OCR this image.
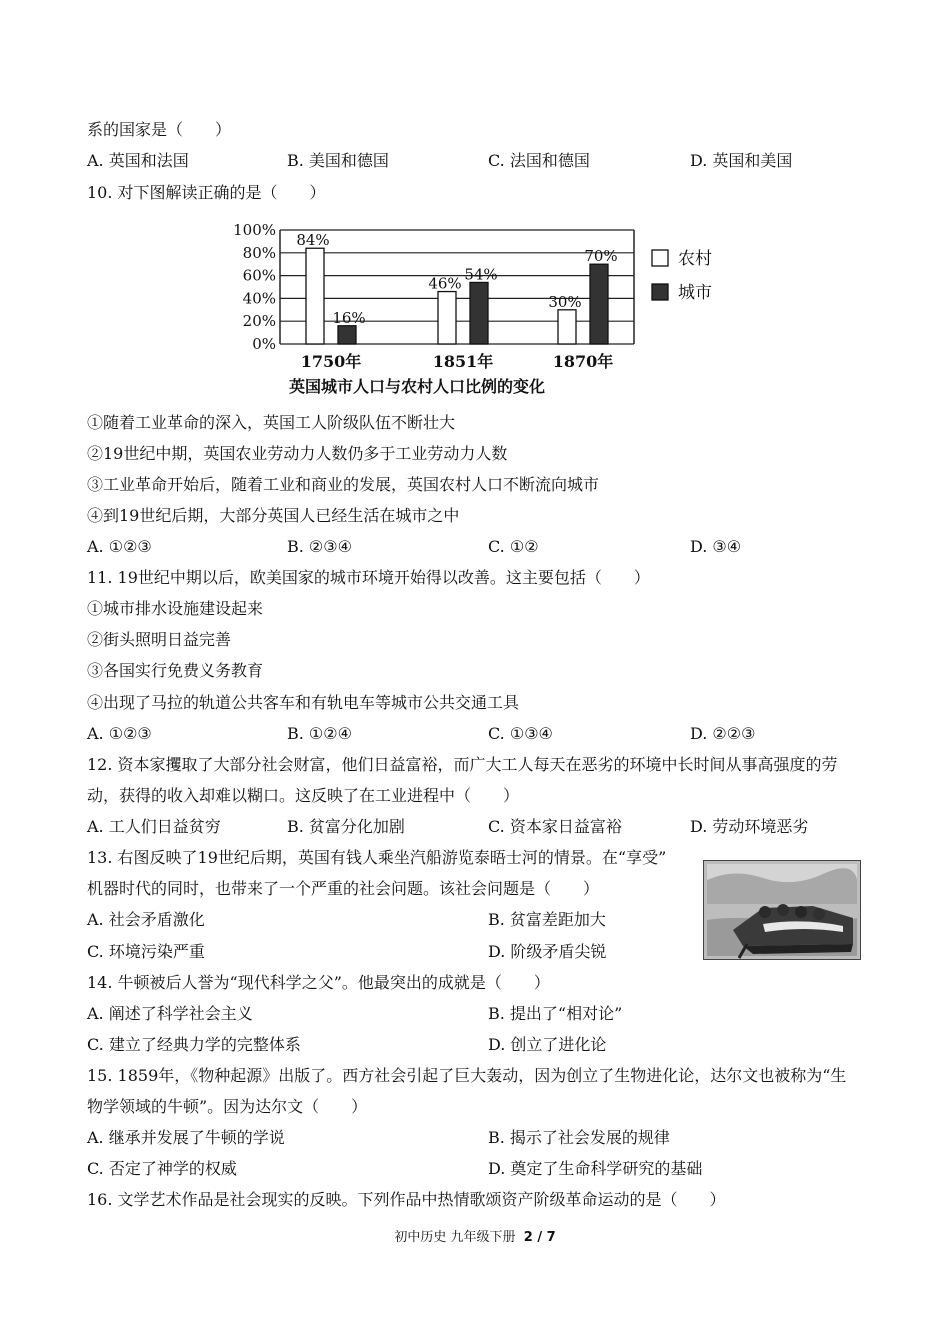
系的国家是（　　）
A. 英国和法国	B. 美国和德国	C. 法国和德国	D. 英国和美国
10. 对下图解读正确的是（　　）
100%
80%
60%
40%
20%
0%
84%
16%
46%
54%
30%
70%
1750年	1851年	1870年
农村
城市
英国城市人口与农村人口比例的变化
①随着工业革命的深入，英国工人阶级队伍不断壮大
②19世纪中期，英国农业劳动力人数仍多于工业劳动力人数
③工业革命开始后，随着工业和商业的发展，英国农村人口不断流向城市
④到19世纪后期，大部分英国人已经生活在城市之中
A. ①②③	B. ②③④	C. ①②	D. ③④
11. 19世纪中期以后，欧美国家的城市环境开始得以改善。这主要包括（　　）
①城市排水设施建设起来
②街头照明日益完善
③各国实行免费义务教育
④出现了马拉的轨道公共客车和有轨电车等城市公共交通工具
A. ①②③	B. ①②④	C. ①③④	D. ②②③
12. 资本家攫取了大部分社会财富，他们日益富裕，而广大工人每天在恶劣的环境中长时间从事高强度的劳
动，获得的收入却难以糊口。这反映了在工业进程中（　　）
A. 工人们日益贫穷	B. 贫富分化加剧	C. 资本家日益富裕	D. 劳动环境恶劣
13. 右图反映了19世纪后期，英国有钱人乘坐汽船游览泰晤士河的情景。在“享受”
机器时代的同时，也带来了一个严重的社会问题。该社会问题是（　　）
A. 社会矛盾激化	B. 贫富差距加大
C. 环境污染严重	D. 阶级矛盾尖锐
14. 牛顿被后人誉为“现代科学之父”。他最突出的成就是（　　）
A. 阐述了科学社会主义	B. 提出了“相对论”
C. 建立了经典力学的完整体系	D. 创立了进化论
15. 1859年，《物种起源》出版了。西方社会引起了巨大轰动，因为创立了生物进化论，达尔文也被称为“生
物学领域的牛顿”。因为达尔文（　　）
A. 继承并发展了牛顿的学说	B. 揭示了社会发展的规律
C. 否定了神学的权威	D. 奠定了生命科学研究的基础
16. 文学艺术作品是社会现实的反映。下列作品中热情歌颂资产阶级革命运动的是（　　）
初中历史 九年级下册 2 / 7
